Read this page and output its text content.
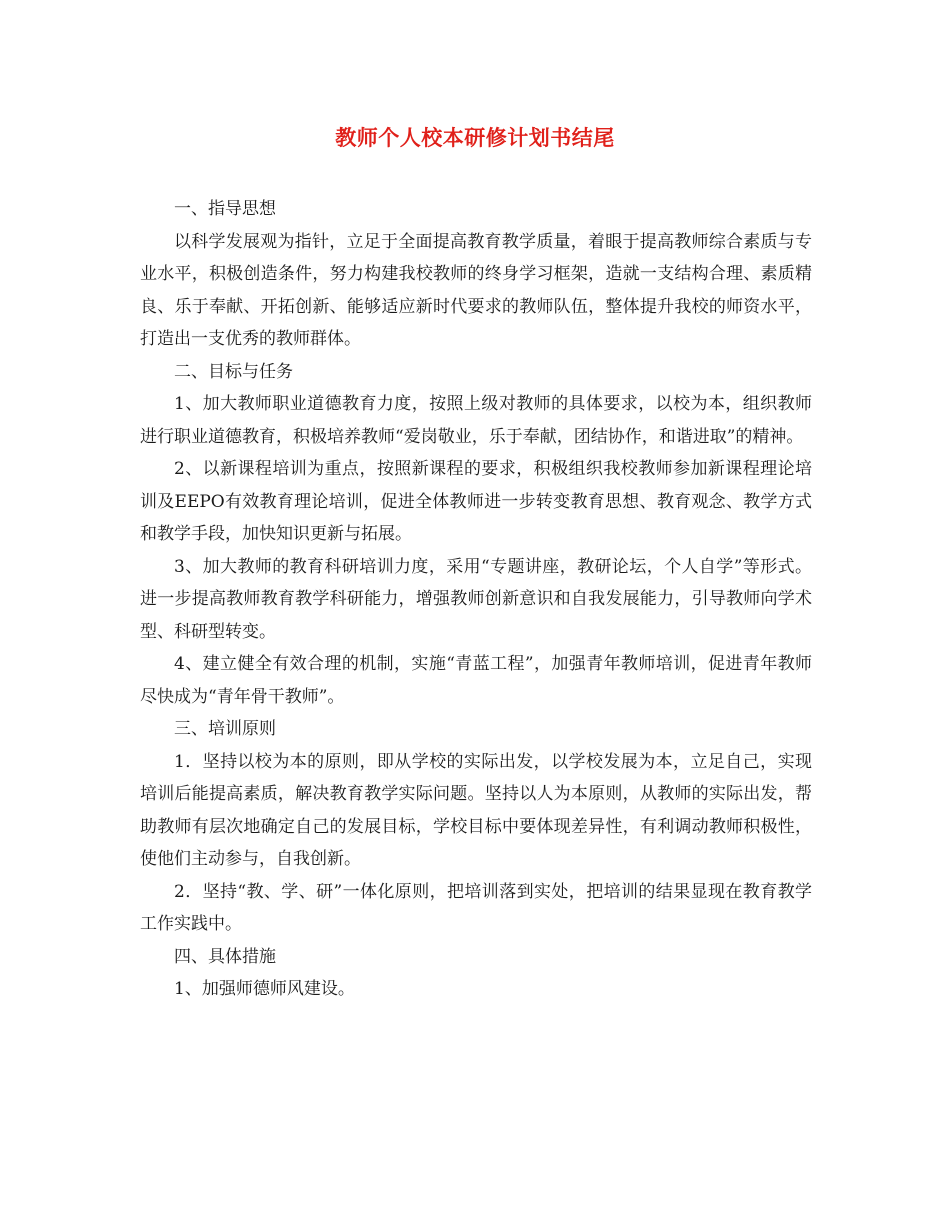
教师个人校本研修计划书结尾

一、指导思想

以科学发展观为指针，立足于全面提高教育教学质量，着眼于提高教师综合素质与专业水平，积极创造条件，努力构建我校教师的终身学习框架，造就一支结构合理、素质精良、乐于奉献、开拓创新、能够适应新时代要求的教师队伍，整体提升我校的师资水平，打造出一支优秀的教师群体。

二、目标与任务

1、加大教师职业道德教育力度，按照上级对教师的具体要求，以校为本，组织教师进行职业道德教育，积极培养教师“爱岗敬业，乐于奉献，团结协作，和谐进取”的精神。

2、以新课程培训为重点，按照新课程的要求，积极组织我校教师参加新课程理论培训及EEPO有效教育理论培训，促进全体教师进一步转变教育思想、教育观念、教学方式和教学手段，加快知识更新与拓展。

3、加大教师的教育科研培训力度，采用“专题讲座，教研论坛，个人自学”等形式。进一步提高教师教育教学科研能力，增强教师创新意识和自我发展能力，引导教师向学术型、科研型转变。

4、建立健全有效合理的机制，实施“青蓝工程”，加强青年教师培训，促进青年教师尽快成为“青年骨干教师”。

三、培训原则

1．坚持以校为本的原则，即从学校的实际出发，以学校发展为本，立足自己，实现培训后能提高素质，解决教育教学实际问题。坚持以人为本原则，从教师的实际出发，帮助教师有层次地确定自己的发展目标，学校目标中要体现差异性，有利调动教师积极性，使他们主动参与，自我创新。

2．坚持“教、学、研”一体化原则，把培训落到实处，把培训的结果显现在教育教学工作实践中。

四、具体措施

1、加强师德师风建设。
